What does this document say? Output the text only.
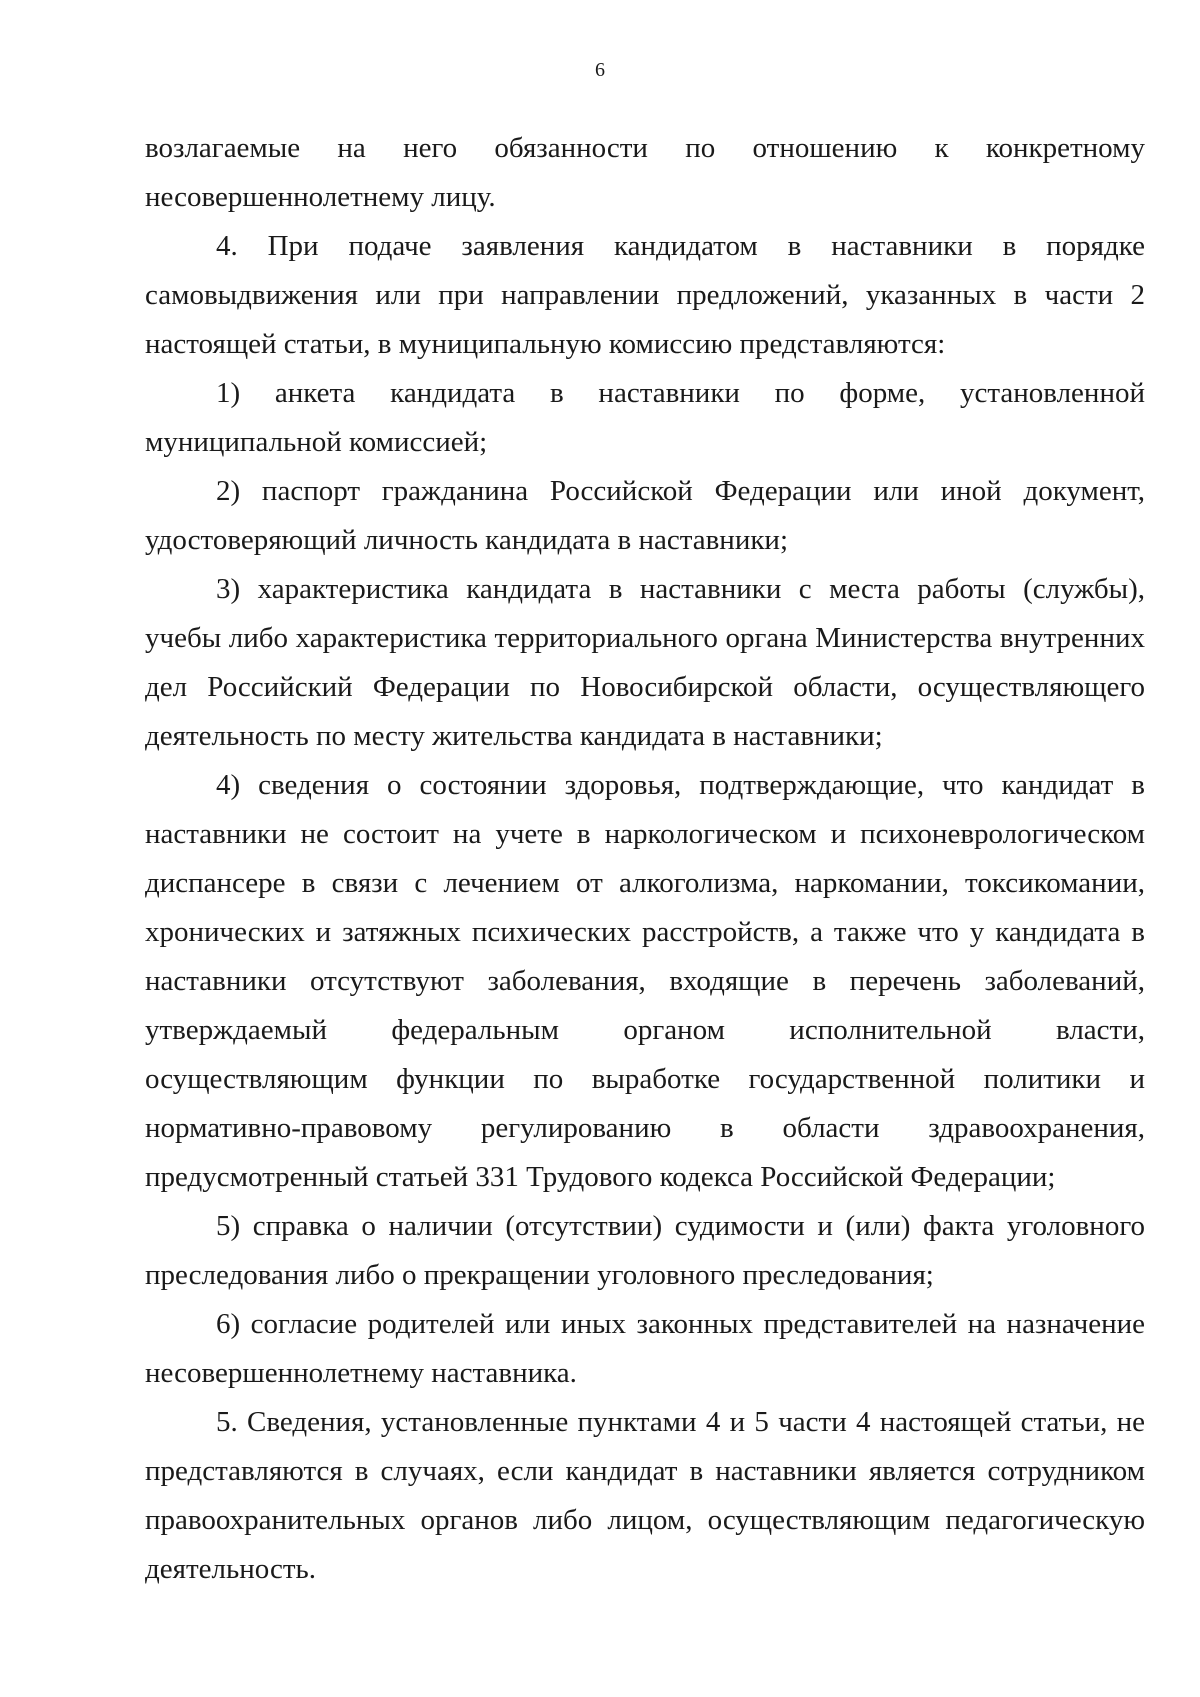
6

возлагаемые на него обязанности по отношению к конкретному несовершеннолетнему лицу.

4. При подаче заявления кандидатом в наставники в порядке самовыдвижения или при направлении предложений, указанных в части 2 настоящей статьи, в муниципальную комиссию представляются:

1) анкета кандидата в наставники по форме, установленной муниципальной комиссией;

2) паспорт гражданина Российской Федерации или иной документ, удостоверяющий личность кандидата в наставники;

3) характеристика кандидата в наставники с места работы (службы), учебы либо характеристика территориального органа Министерства внутренних дел Российский Федерации по Новосибирской области, осуществляющего деятельность по месту жительства кандидата в наставники;

4) сведения о состоянии здоровья, подтверждающие, что кандидат в наставники не состоит на учете в наркологическом и психоневрологическом диспансере в связи с лечением от алкоголизма, наркомании, токсикомании, хронических и затяжных психических расстройств, а также что у кандидата в наставники отсутствуют заболевания, входящие в перечень заболеваний, утверждаемый федеральным органом исполнительной власти, осуществляющим функции по выработке государственной политики и нормативно-правовому регулированию в области здравоохранения, предусмотренный статьей 331 Трудового кодекса Российской Федерации;

5) справка о наличии (отсутствии) судимости и (или) факта уголовного преследования либо о прекращении уголовного преследования;

6) согласие родителей или иных законных представителей на назначение несовершеннолетнему наставника.

5. Сведения, установленные пунктами 4 и 5 части 4 настоящей статьи, не представляются в случаях, если кандидат в наставники является сотрудником правоохранительных органов либо лицом, осуществляющим педагогическую деятельность.
